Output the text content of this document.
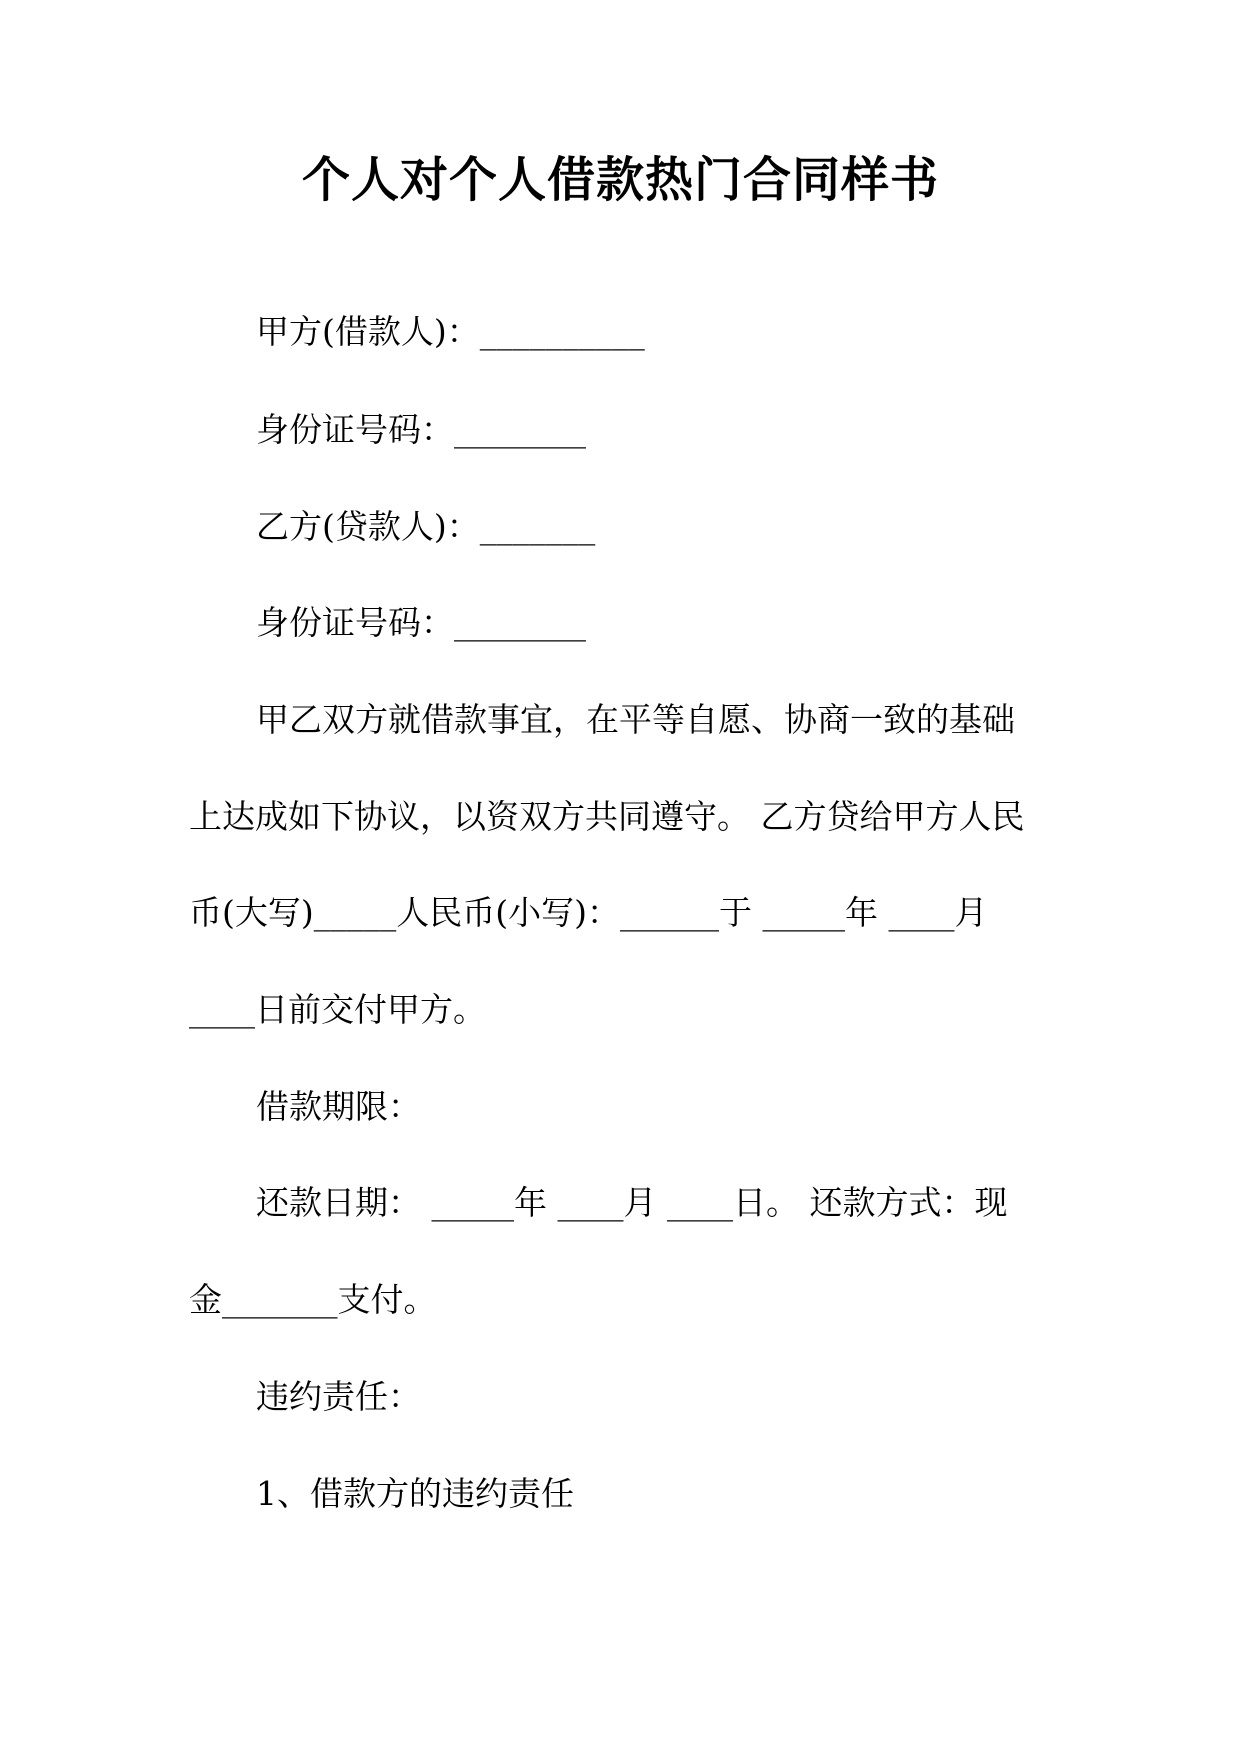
个人对个人借款热门合同样书
甲方(借款人)：__________
身份证号码：________
乙方(贷款人)：_______
身份证号码：________
甲乙双方就借款事宜，在平等自愿、协商一致的基础
上达成如下协议，以资双方共同遵守。 乙方贷给甲方人民
币(大写)_____人民币(小写)：______于 _____年 ____月
____日前交付甲方。
借款期限：
还款日期： _____年 ____月 ____日。 还款方式：现
金_______支付。
违约责任：
1、借款方的违约责任
